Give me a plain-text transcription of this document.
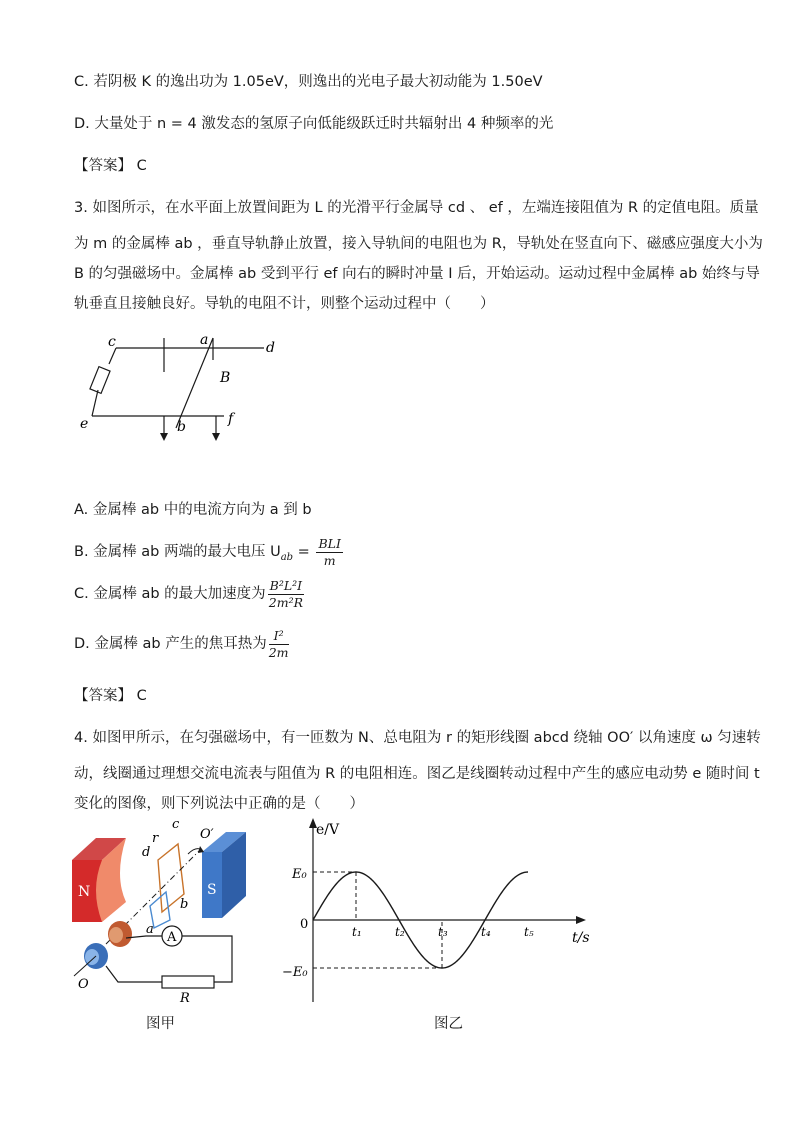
C. 若阴极 K 的逸出功为 1.05eV，则逸出的光电子最大初动能为 1.50eV
D. 大量处于 n = 4 激发态的氢原子向低能级跃迁时共辐射出 4 种频率的光
【答案】 C
3. 如图所示，在水平面上放置间距为 L 的光滑平行金属导 cd 、 ef ，左端连接阻值为 R 的定值电阻。质量
为 m 的金属棒 ab ，垂直导轨静止放置，接入导轨间的电阻也为 R，导轨处在竖直向下、磁感应强度大小为
B 的匀强磁场中。金属棒 ab 受到平行 ef 向右的瞬时冲量 I 后，开始运动。运动过程中金属棒 ab 始终与导
轨垂直且接触良好。导轨的电阻不计，则整个运动过程中（　　）
c	a	d
B
e	b	f
A. 金属棒 ab 中的电流方向为 a 到 b
B. 金属棒 ab 两端的最大电压 $U_{ab} = \frac{\text{BLI}}{m}$
C. 金属棒 ab 的最大加速度为 $\frac{\text{B²L²I}}{\text{2m²R}}$
D. 金属棒 ab 产生的焦耳热为 $\frac{\text{I²}}{2m}$
【答案】 C
4. 如图甲所示，在匀强磁场中，有一匝数为 N、总电阻为 r 的矩形线圈 abcd 绕轴 OO′ 以角速度 ω 匀速转
动，线圈通过理想交流电流表与阻值为 R 的电阻相连。图乙是线圈转动过程中产生的感应电动势 e 随时间 t
变化的图像，则下列说法中正确的是（　　）
N	S
A
r
c
O′
d
b
a
O
R
图甲
e/V
t/s
0
E₀
−E₀
t₁	t₂	t₃	t₄	t₅
图乙
